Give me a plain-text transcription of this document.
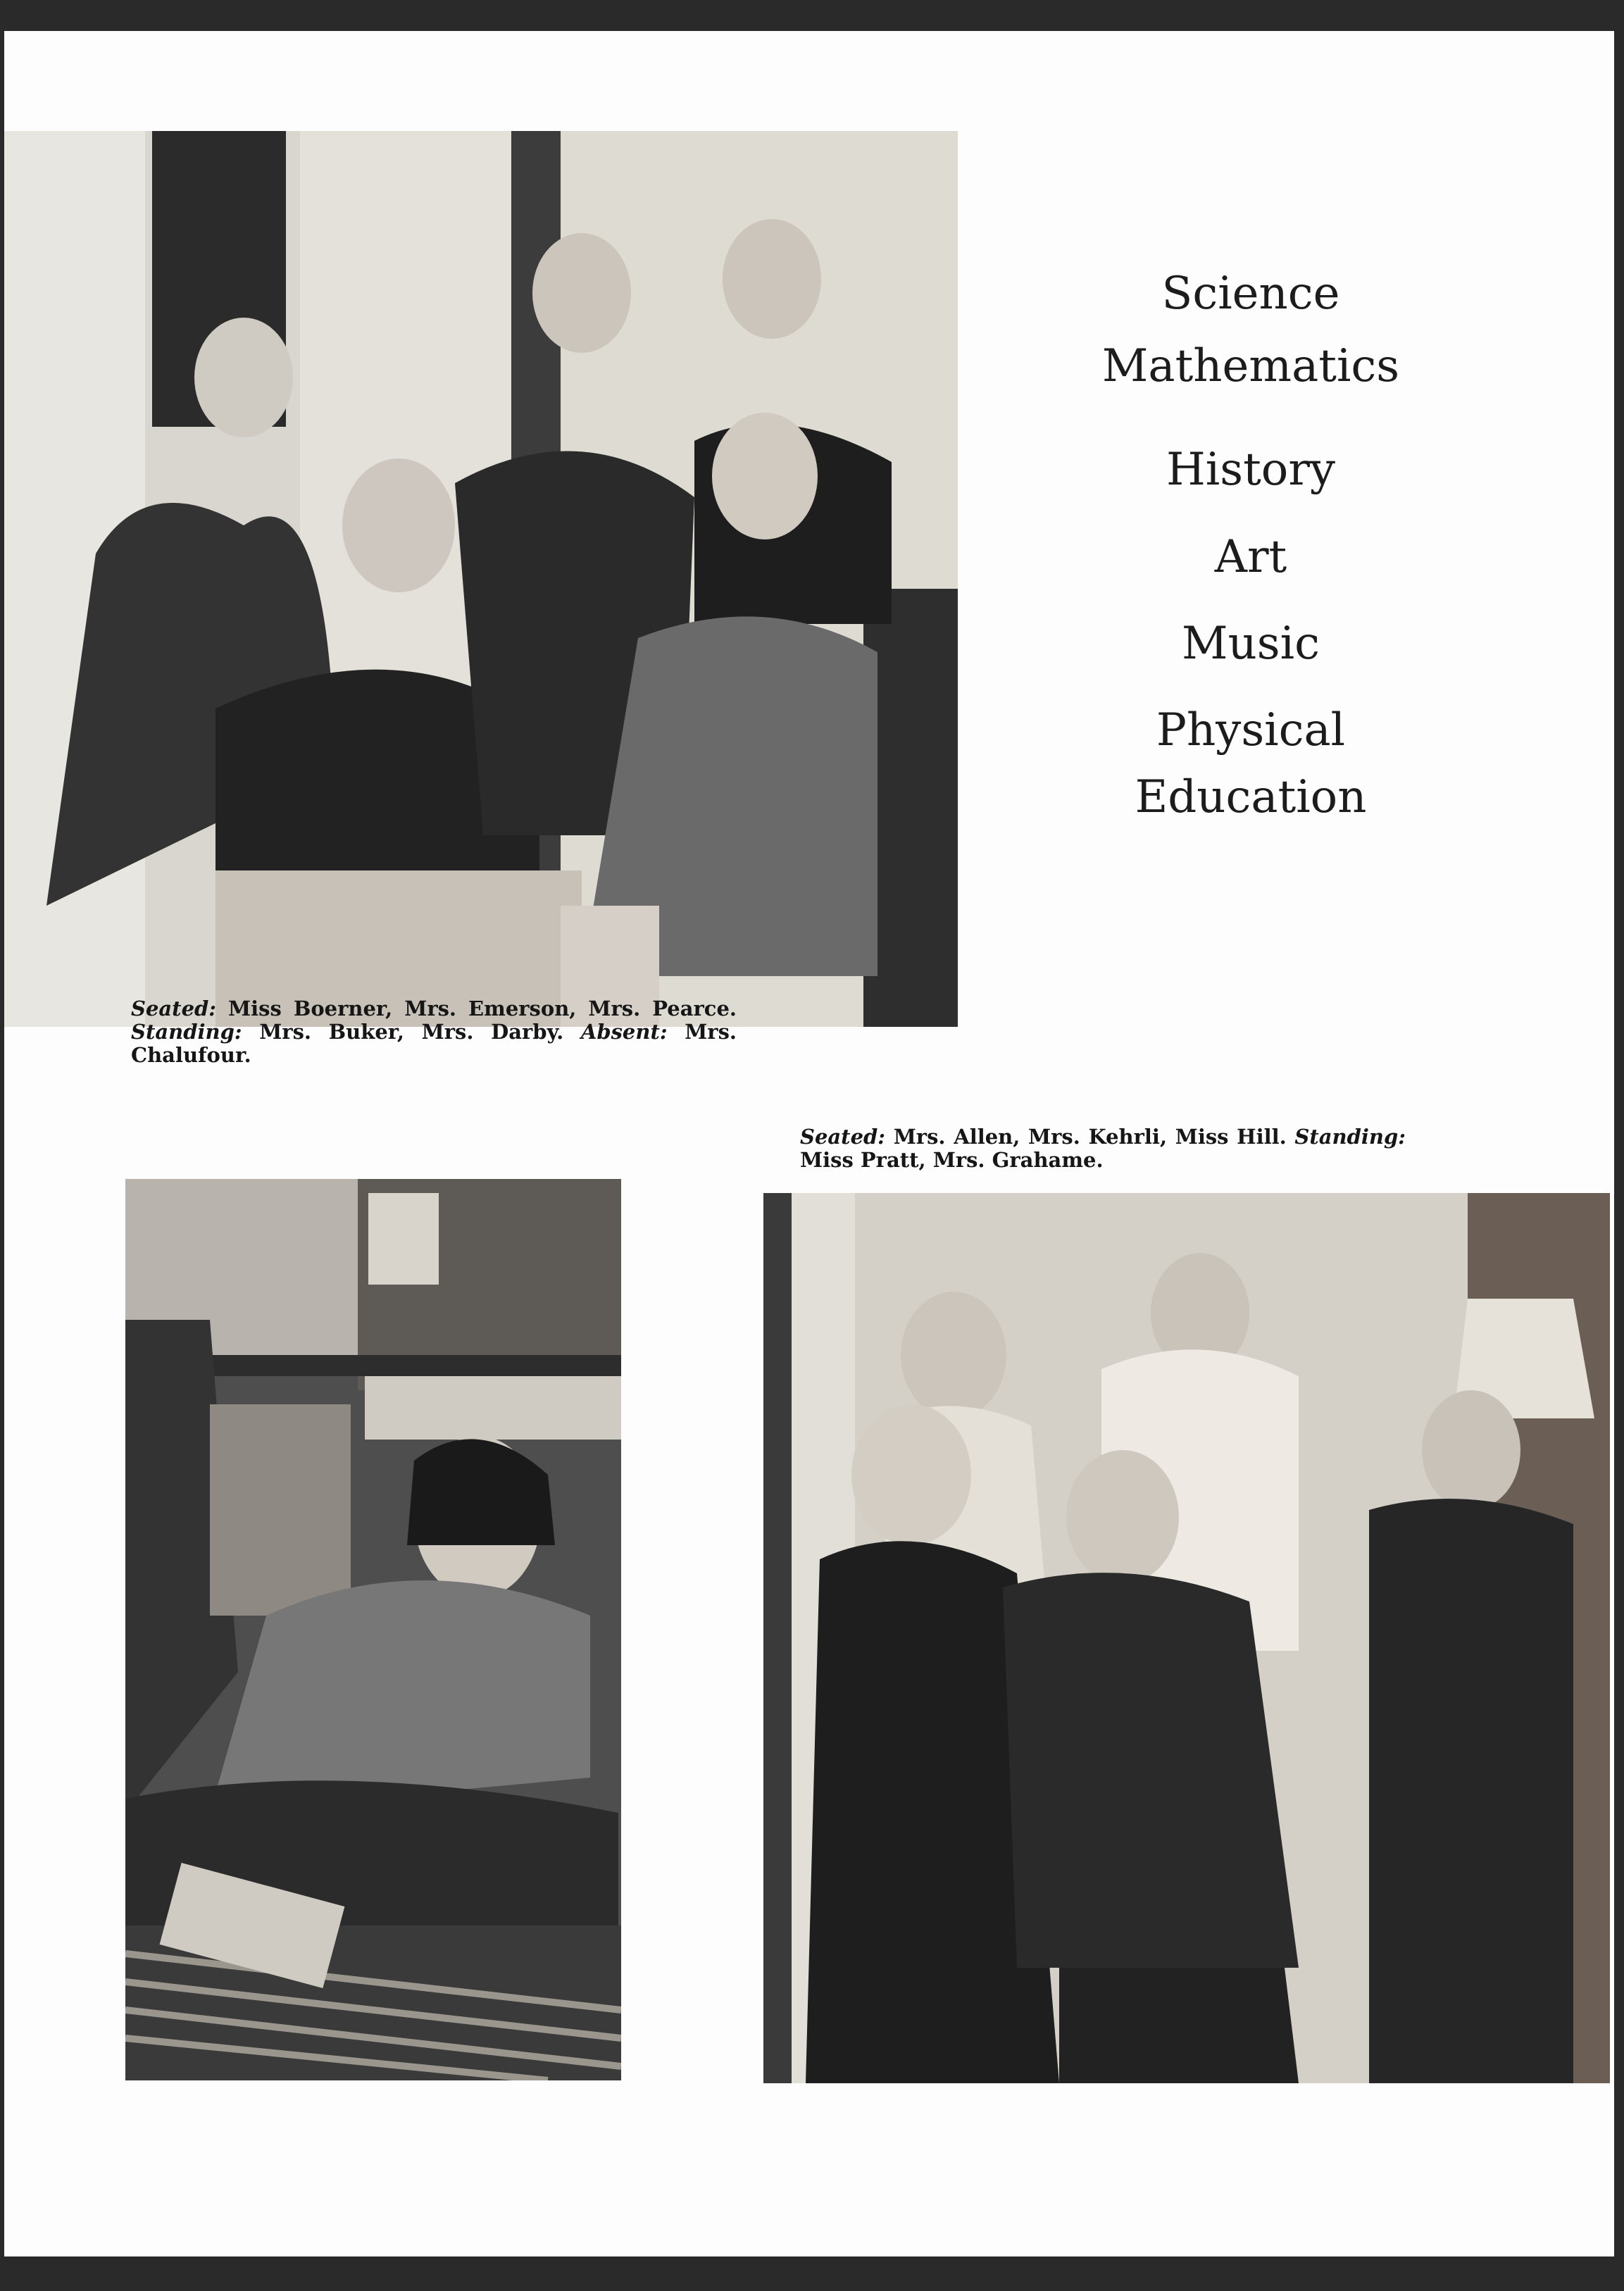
Science
Mathematics
History
Art
Music
Physical
Education
Seated: Miss Boerner, Mrs. Emerson, Mrs. Pearce. Standing: Mrs. Buker, Mrs. Darby. Absent: Mrs. Chalufour.
Seated: Mrs. Allen, Mrs. Kehrli, Miss Hill. Standing: Miss Pratt, Mrs. Grahame.
